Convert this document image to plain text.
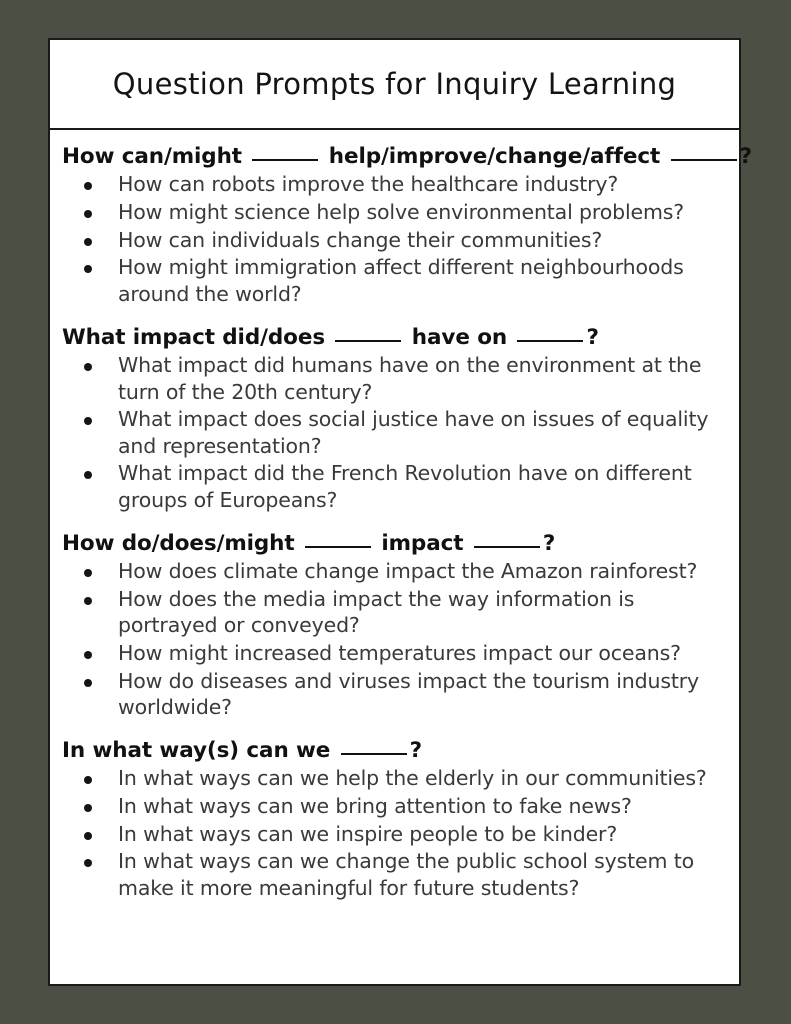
Question Prompts for Inquiry Learning
How can/might	help/improve/change/affect	?
How can robots improve the healthcare industry?
How might science help solve environmental problems?
How can individuals change their communities?
How might immigration affect different neighbourhoods around the world?
What impact did/does	have on	?
What impact did humans have on the environment at the turn of the 20th century?
What impact does social justice have on issues of equality and representation?
What impact did the French Revolution have on different groups of Europeans?
How do/does/might	impact	?
How does climate change impact the Amazon rainforest?
How does the media impact the way information is portrayed or conveyed?
How might increased temperatures impact our oceans?
How do diseases and viruses impact the tourism industry worldwide?
In what way(s) can we	?
In what ways can we help the elderly in our communities?
In what ways can we bring attention to fake news?
In what ways can we inspire people to be kinder?
In what ways can we change the public school system to make it more meaningful for future students?
